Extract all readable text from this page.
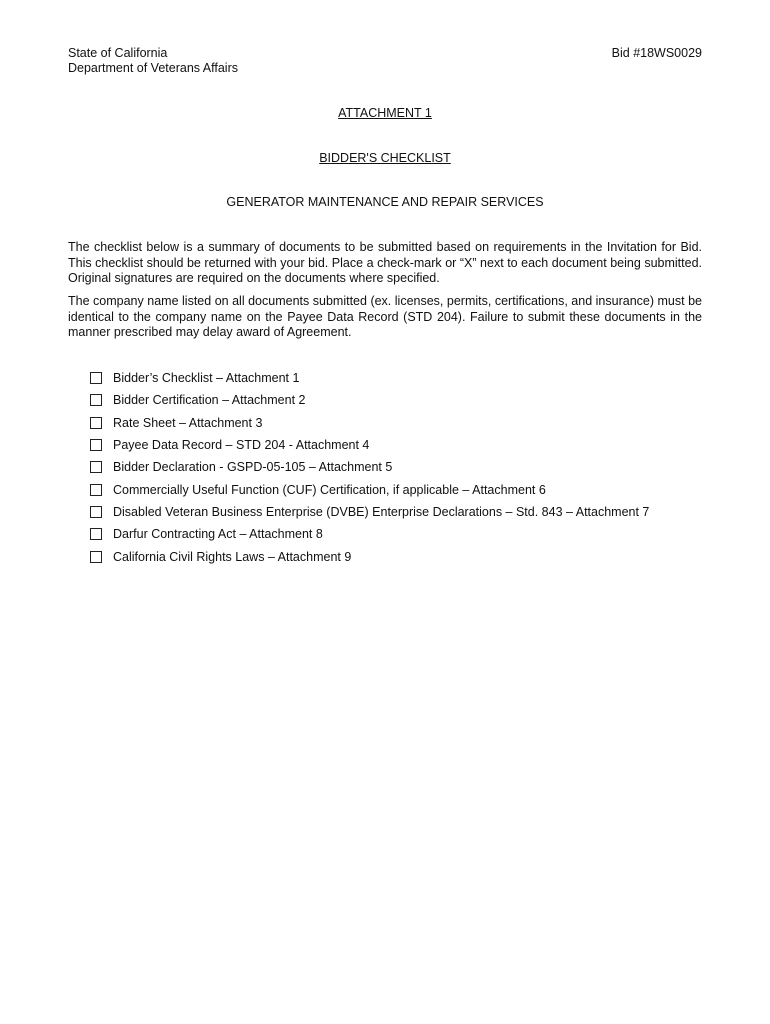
State of California
Department of Veterans Affairs
Bid #18WS0029
ATTACHMENT 1
BIDDER'S CHECKLIST
GENERATOR MAINTENANCE AND REPAIR SERVICES

The checklist below is a summary of documents to be submitted based on requirements in the Invitation for Bid. This checklist should be returned with your bid. Place a check-mark or “X” next to each document being submitted. Original signatures are required on the documents where specified.

The company name listed on all documents submitted (ex. licenses, permits, certifications, and insurance) must be identical to the company name on the Payee Data Record (STD 204). Failure to submit these documents in the manner prescribed may delay award of Agreement.

Bidder’s Checklist – Attachment 1
Bidder Certification – Attachment 2
Rate Sheet – Attachment 3
Payee Data Record – STD 204 - Attachment 4
Bidder Declaration - GSPD-05-105 – Attachment 5
Commercially Useful Function (CUF) Certification, if applicable – Attachment 6
Disabled Veteran Business Enterprise (DVBE) Enterprise Declarations – Std. 843 – Attachment 7
Darfur Contracting Act – Attachment 8
California Civil Rights Laws – Attachment 9
